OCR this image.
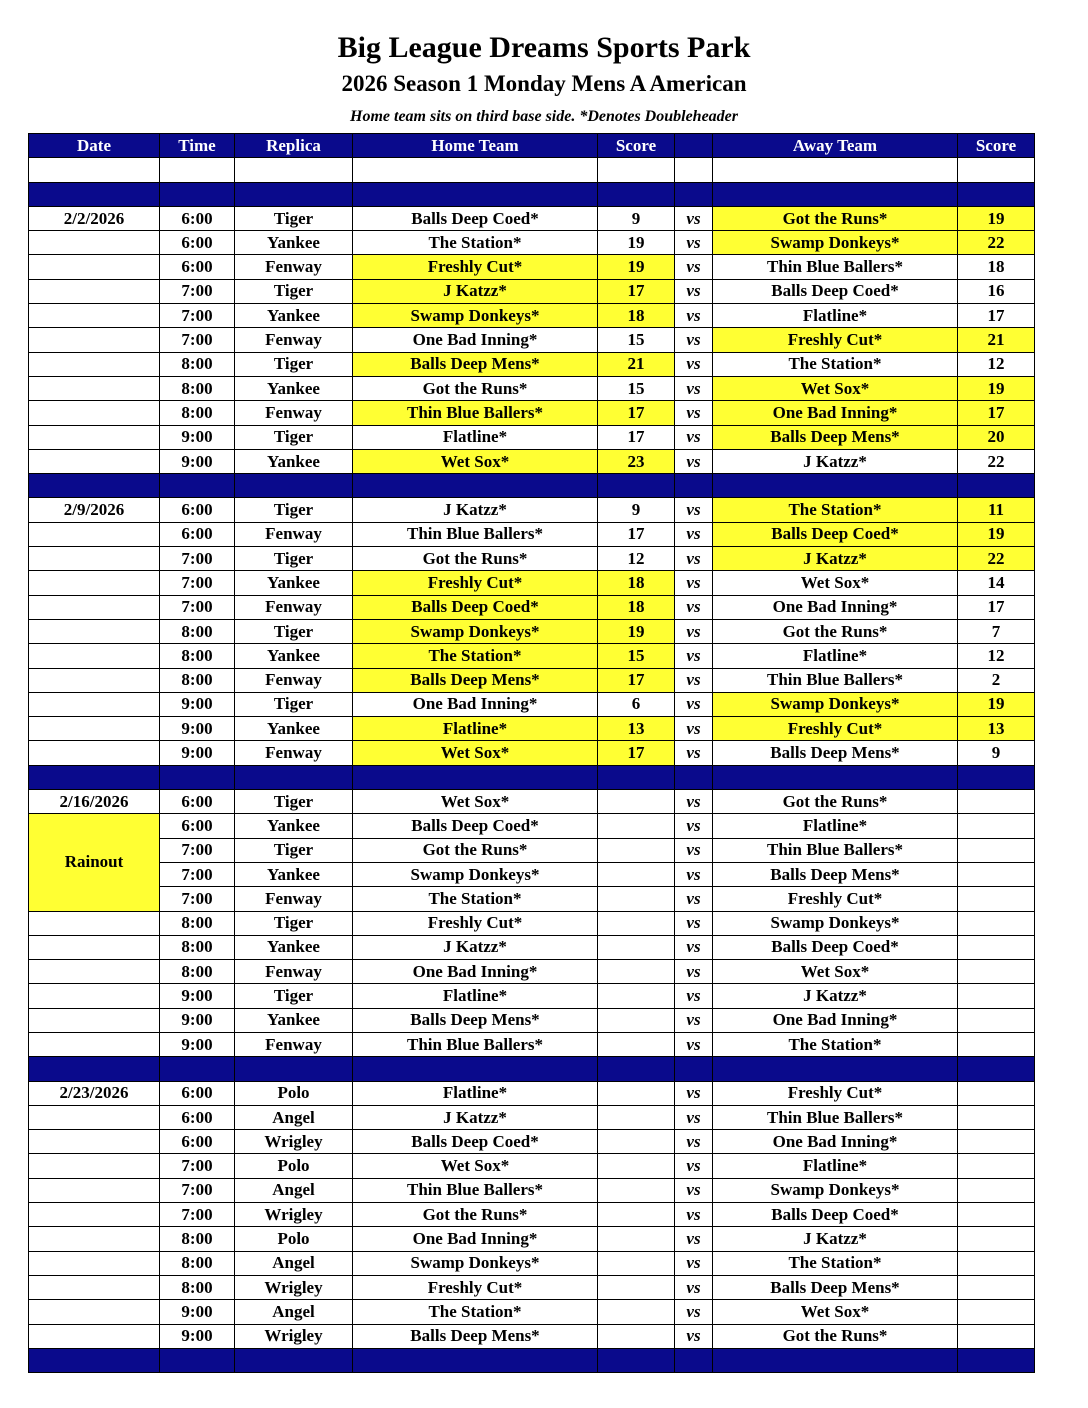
Big League Dreams Sports Park
2026 Season 1 Monday Mens A American
Home team sits on third base side. *Denotes Doubleheader
Date	Time	Replica	Home Team	Score		Away Team	Score

2/2/2026	6:00	Tiger	Balls Deep Coed*	9	vs	Got the Runs*	19
	6:00	Yankee	The Station*	19	vs	Swamp Donkeys*	22
	6:00	Fenway	Freshly Cut*	19	vs	Thin Blue Ballers*	18
	7:00	Tiger	J Katzz*	17	vs	Balls Deep Coed*	16
	7:00	Yankee	Swamp Donkeys*	18	vs	Flatline*	17
	7:00	Fenway	One Bad Inning*	15	vs	Freshly Cut*	21
	8:00	Tiger	Balls Deep Mens*	21	vs	The Station*	12
	8:00	Yankee	Got the Runs*	15	vs	Wet Sox*	19
	8:00	Fenway	Thin Blue Ballers*	17	vs	One Bad Inning*	17
	9:00	Tiger	Flatline*	17	vs	Balls Deep Mens*	20
	9:00	Yankee	Wet Sox*	23	vs	J Katzz*	22

2/9/2026	6:00	Tiger	J Katzz*	9	vs	The Station*	11
	6:00	Fenway	Thin Blue Ballers*	17	vs	Balls Deep Coed*	19
	7:00	Tiger	Got the Runs*	12	vs	J Katzz*	22
	7:00	Yankee	Freshly Cut*	18	vs	Wet Sox*	14
	7:00	Fenway	Balls Deep Coed*	18	vs	One Bad Inning*	17
	8:00	Tiger	Swamp Donkeys*	19	vs	Got the Runs*	7
	8:00	Yankee	The Station*	15	vs	Flatline*	12
	8:00	Fenway	Balls Deep Mens*	17	vs	Thin Blue Ballers*	2
	9:00	Tiger	One Bad Inning*	6	vs	Swamp Donkeys*	19
	9:00	Yankee	Flatline*	13	vs	Freshly Cut*	13
	9:00	Fenway	Wet Sox*	17	vs	Balls Deep Mens*	9

2/16/2026	6:00	Tiger	Wet Sox*		vs	Got the Runs*	
Rainout	6:00	Yankee	Balls Deep Coed*		vs	Flatline*	
	7:00	Tiger	Got the Runs*		vs	Thin Blue Ballers*	
	7:00	Yankee	Swamp Donkeys*		vs	Balls Deep Mens*	
	7:00	Fenway	The Station*		vs	Freshly Cut*	
	8:00	Tiger	Freshly Cut*		vs	Swamp Donkeys*	
	8:00	Yankee	J Katzz*		vs	Balls Deep Coed*	
	8:00	Fenway	One Bad Inning*		vs	Wet Sox*	
	9:00	Tiger	Flatline*		vs	J Katzz*	
	9:00	Yankee	Balls Deep Mens*		vs	One Bad Inning*	
	9:00	Fenway	Thin Blue Ballers*		vs	The Station*	

2/23/2026	6:00	Polo	Flatline*		vs	Freshly Cut*	
	6:00	Angel	J Katzz*		vs	Thin Blue Ballers*	
	6:00	Wrigley	Balls Deep Coed*		vs	One Bad Inning*	
	7:00	Polo	Wet Sox*		vs	Flatline*	
	7:00	Angel	Thin Blue Ballers*		vs	Swamp Donkeys*	
	7:00	Wrigley	Got the Runs*		vs	Balls Deep Coed*	
	8:00	Polo	One Bad Inning*		vs	J Katzz*	
	8:00	Angel	Swamp Donkeys*		vs	The Station*	
	8:00	Wrigley	Freshly Cut*		vs	Balls Deep Mens*	
	9:00	Angel	The Station*		vs	Wet Sox*	
	9:00	Wrigley	Balls Deep Mens*		vs	Got the Runs*	
